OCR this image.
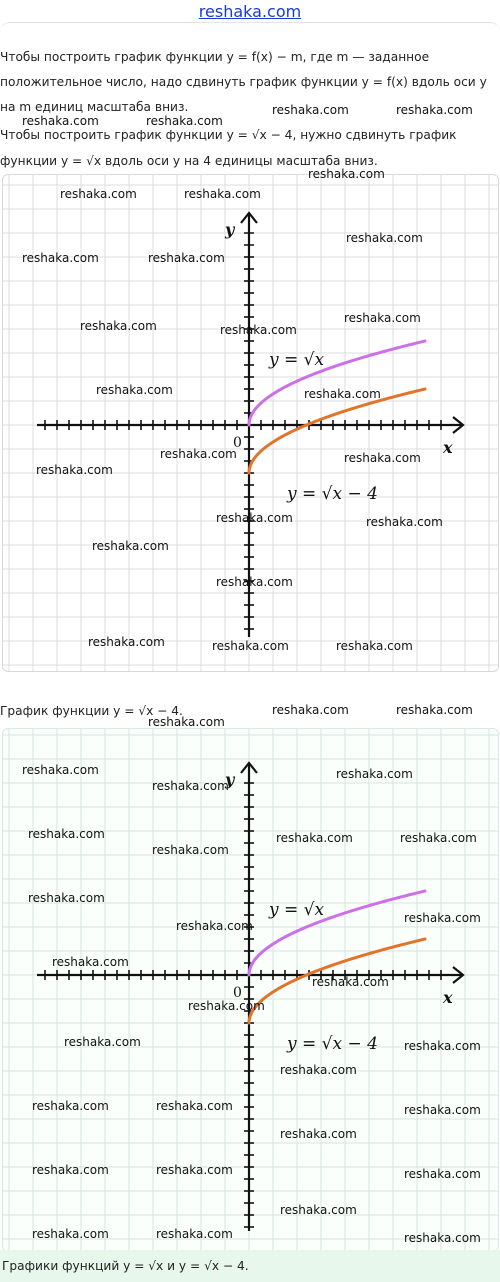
reshaka.com
Чтобы построить график функции y = f(x) − m, где m — заданное
положительное число, надо сдвинуть график функции y = f(x) вдоль оси y
на m единиц масштаба вниз.
Чтобы построить график функции y = √x − 4, нужно сдвинуть график
функции y = √x вдоль оси y на 4 единицы масштаба вниз.
y
x
0
y = √x
y = √x − 4
График функции y = √x − 4.
y
x
0
y = √x
y = √x − 4
Графики функций y = √x и y = √x − 4.
reshaka.com	reshaka.com
reshaka.com	reshaka.com
reshaka.com
reshaka.com	reshaka.com
reshaka.com
reshaka.com	reshaka.com
reshaka.com	reshaka.com
reshaka.com
reshaka.com	reshaka.com
reshaka.com
reshaka.com	reshaka.com
reshaka.com	reshaka.com
reshaka.com
reshaka.com
reshaka.com	reshaka.com	reshaka.com
reshaka.com	reshaka.com
reshaka.com
reshaka.com	reshaka.com
reshaka.com
reshaka.com	reshaka.com	reshaka.com
reshaka.com
reshaka.com
reshaka.com
reshaka.com
reshaka.com
reshaka.com
reshaka.com
reshaka.com
reshaka.com
reshaka.com
reshaka.com	reshaka.com	reshaka.com
reshaka.com
reshaka.com	reshaka.com	reshaka.com
reshaka.com
reshaka.com	reshaka.com	reshaka.com
